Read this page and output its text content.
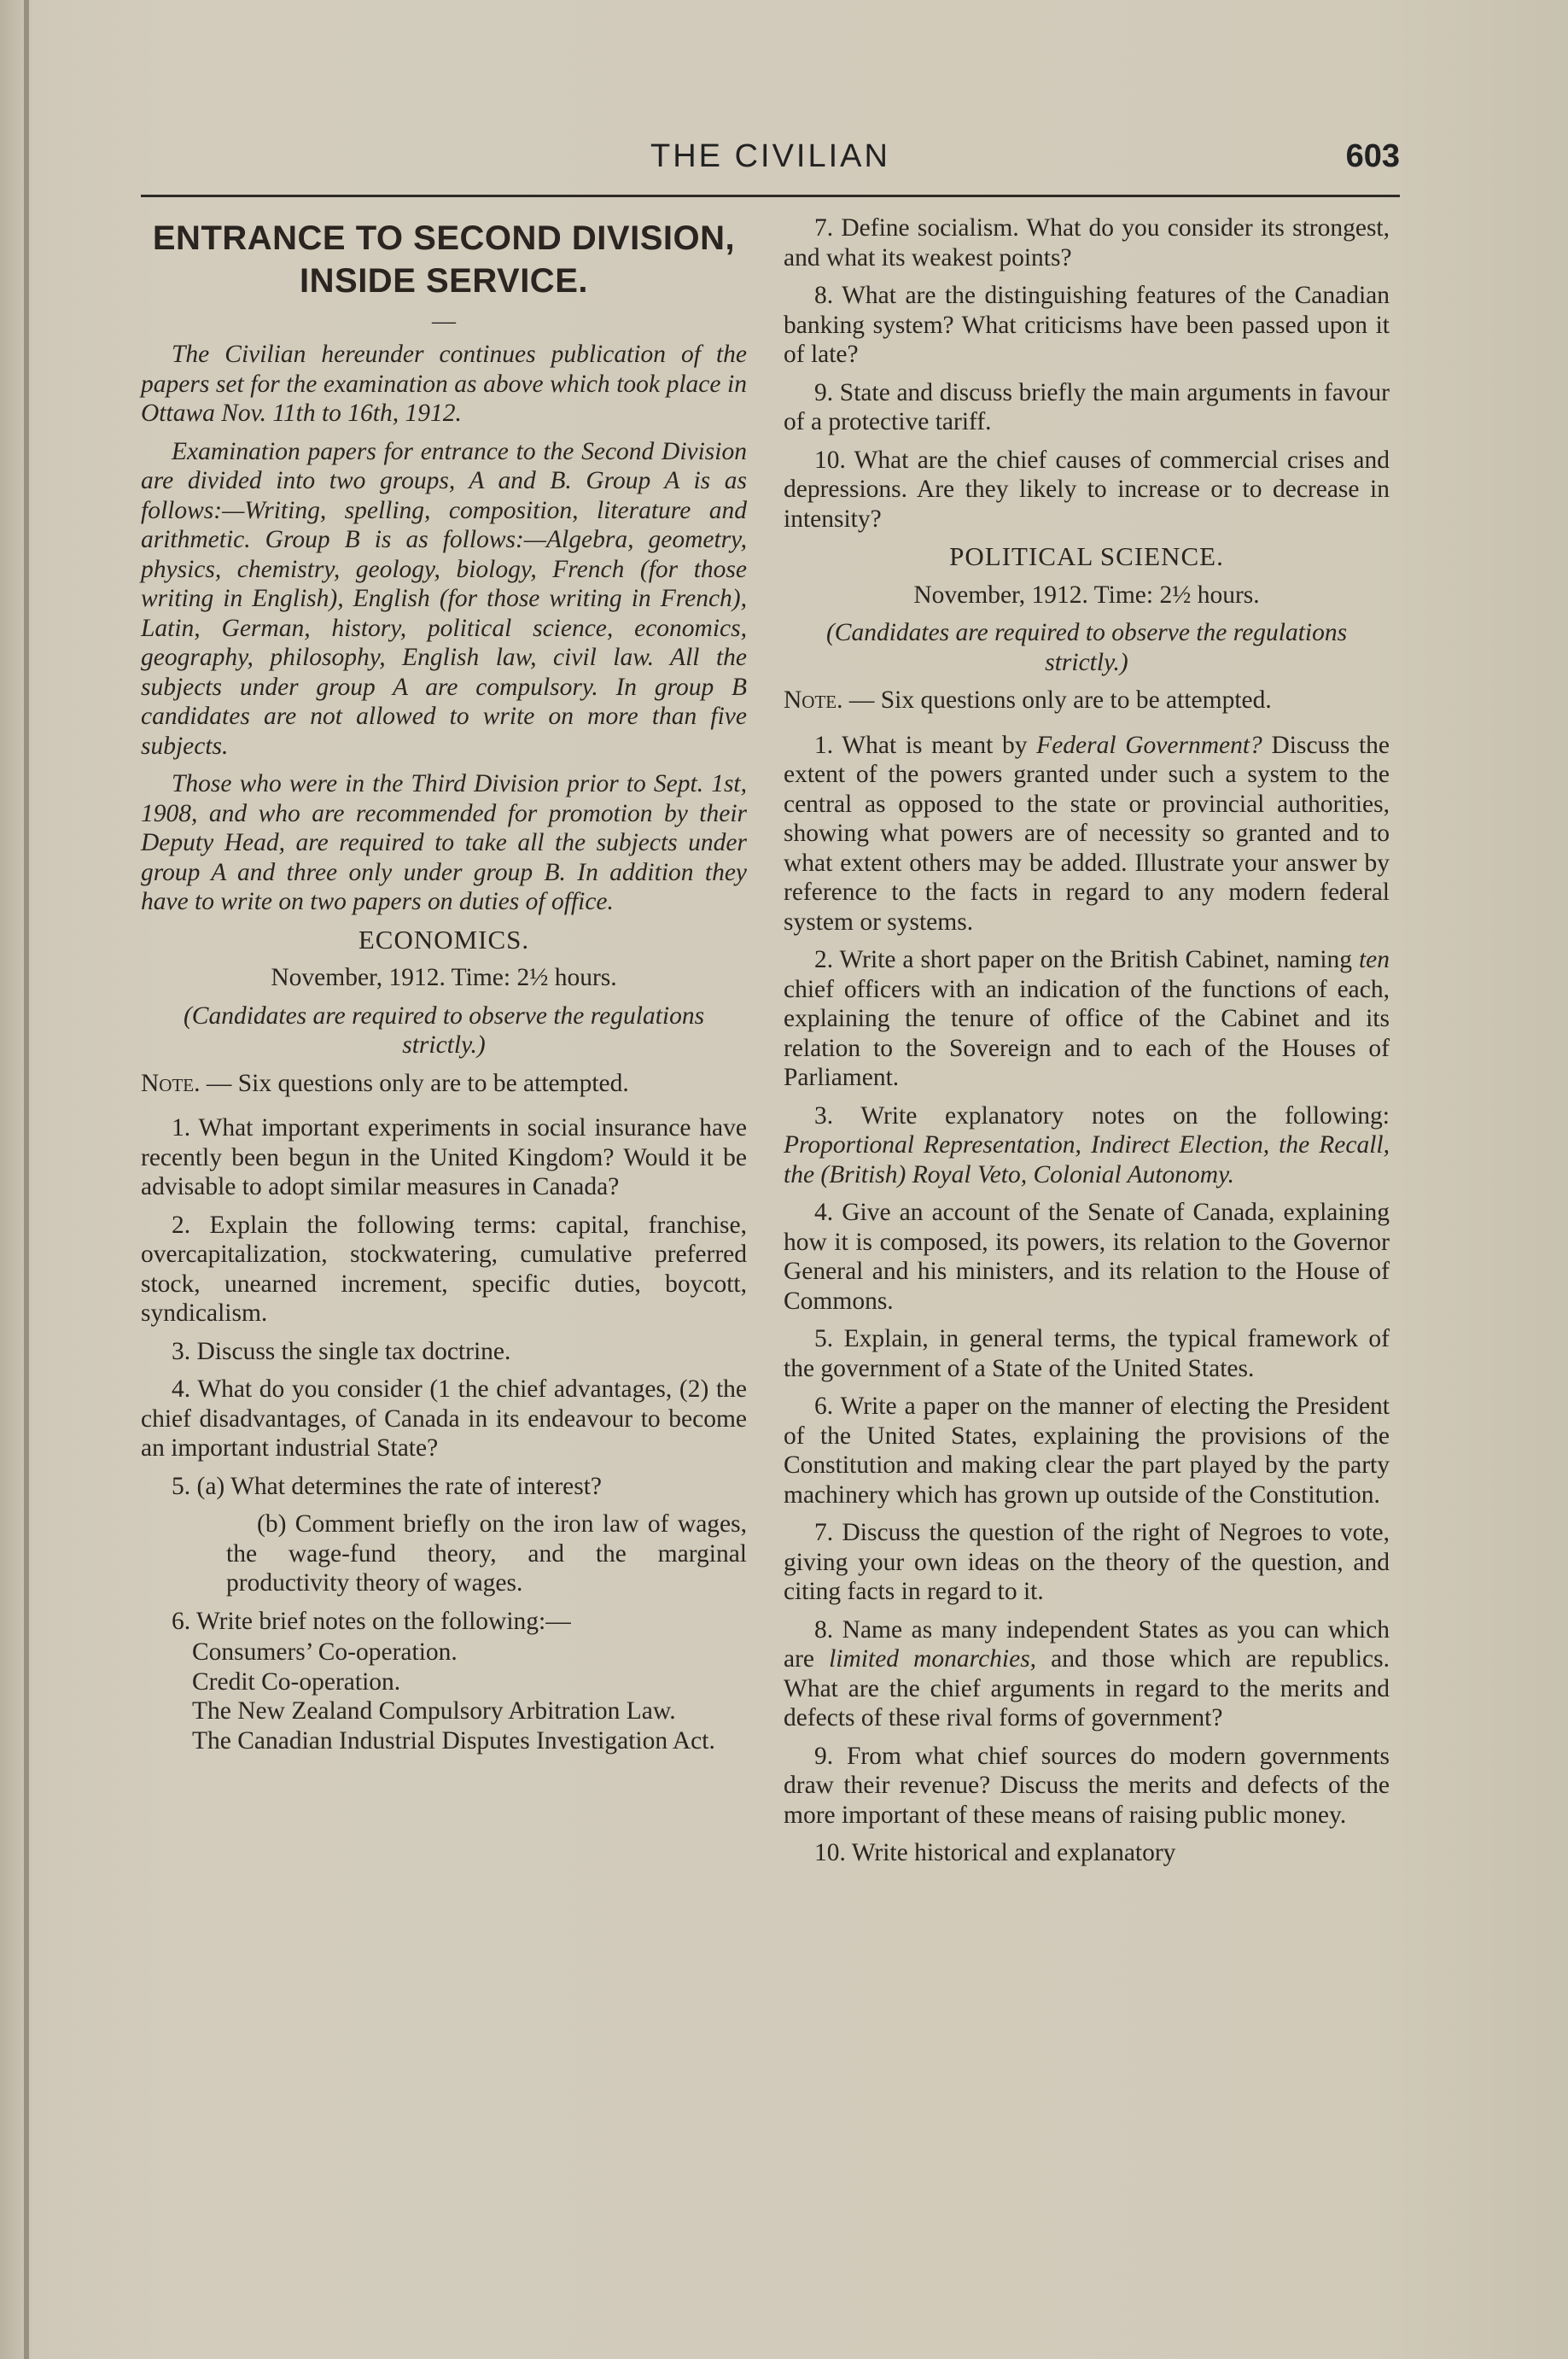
THE CIVILIAN	603
ENTRANCE TO SECOND DIVISION, INSIDE SERVICE.
—

The Civilian hereunder continues publication of the papers set for the examination as above which took place in Ottawa Nov. 11th to 16th, 1912.

Examination papers for entrance to the Second Division are divided into two groups, A and B. Group A is as follows:—Writing, spelling, composition, literature and arithmetic. Group B is as follows:—Algebra, geometry, physics, chemistry, geology, biology, French (for those writing in English), English (for those writing in French), Latin, German, history, political science, economics, geography, philosophy, English law, civil law. All the subjects under group A are compulsory. In group B candidates are not allowed to write on more than five subjects.

Those who were in the Third Division prior to Sept. 1st, 1908, and who are recommended for promotion by their Deputy Head, are required to take all the subjects under group A and three only under group B. In addition they have to write on two papers on duties of office.

ECONOMICS.

November, 1912. Time: 2½ hours.

(Candidates are required to observe the regulations strictly.)

Note. — Six questions only are to be attempted.

1. What important experiments in social insurance have recently been begun in the United Kingdom? Would it be advisable to adopt similar measures in Canada?

2. Explain the following terms: capital, franchise, overcapitalization, stockwatering, cumulative preferred stock, unearned increment, specific duties, boycott, syndicalism.

3. Discuss the single tax doctrine.

4. What do you consider (1 the chief advantages, (2) the chief disadvantages, of Canada in its endeavour to become an important industrial State?

5. (a) What determines the rate of interest?

(b) Comment briefly on the iron law of wages, the wage-fund theory, and the marginal productivity theory of wages.

6. Write brief notes on the following:—

Consumers’ Co-operation.
Credit Co-operation.
The New Zealand Compulsory Arbitration Law.
The Canadian Industrial Disputes Investigation Act.

7. Define socialism. What do you consider its strongest, and what its weakest points?

8. What are the distinguishing features of the Canadian banking system? What criticisms have been passed upon it of late?

9. State and discuss briefly the main arguments in favour of a protective tariff.

10. What are the chief causes of commercial crises and depressions. Are they likely to increase or to decrease in intensity?

POLITICAL SCIENCE.

November, 1912. Time: 2½ hours.

(Candidates are required to observe the regulations strictly.)

Note. — Six questions only are to be attempted.

1. What is meant by Federal Government? Discuss the extent of the powers granted under such a system to the central as opposed to the state or provincial authorities, showing what powers are of necessity so granted and to what extent others may be added. Illustrate your answer by reference to the facts in regard to any modern federal system or systems.

2. Write a short paper on the British Cabinet, naming ten chief officers with an indication of the functions of each, explaining the tenure of office of the Cabinet and its relation to the Sovereign and to each of the Houses of Parliament.

3. Write explanatory notes on the following: Proportional Representation, Indirect Election, the Recall, the (British) Royal Veto, Colonial Autonomy.

4. Give an account of the Senate of Canada, explaining how it is composed, its powers, its relation to the Governor General and his ministers, and its relation to the House of Commons.

5. Explain, in general terms, the typical framework of the government of a State of the United States.

6. Write a paper on the manner of electing the President of the United States, explaining the provisions of the Constitution and making clear the part played by the party machinery which has grown up outside of the Constitution.

7. Discuss the question of the right of Negroes to vote, giving your own ideas on the theory of the question, and citing facts in regard to it.

8. Name as many independent States as you can which are limited monarchies, and those which are republics. What are the chief arguments in regard to the merits and defects of these rival forms of government?

9. From what chief sources do modern governments draw their revenue? Discuss the merits and defects of the more important of these means of raising public money.

10. Write historical and explanatory
